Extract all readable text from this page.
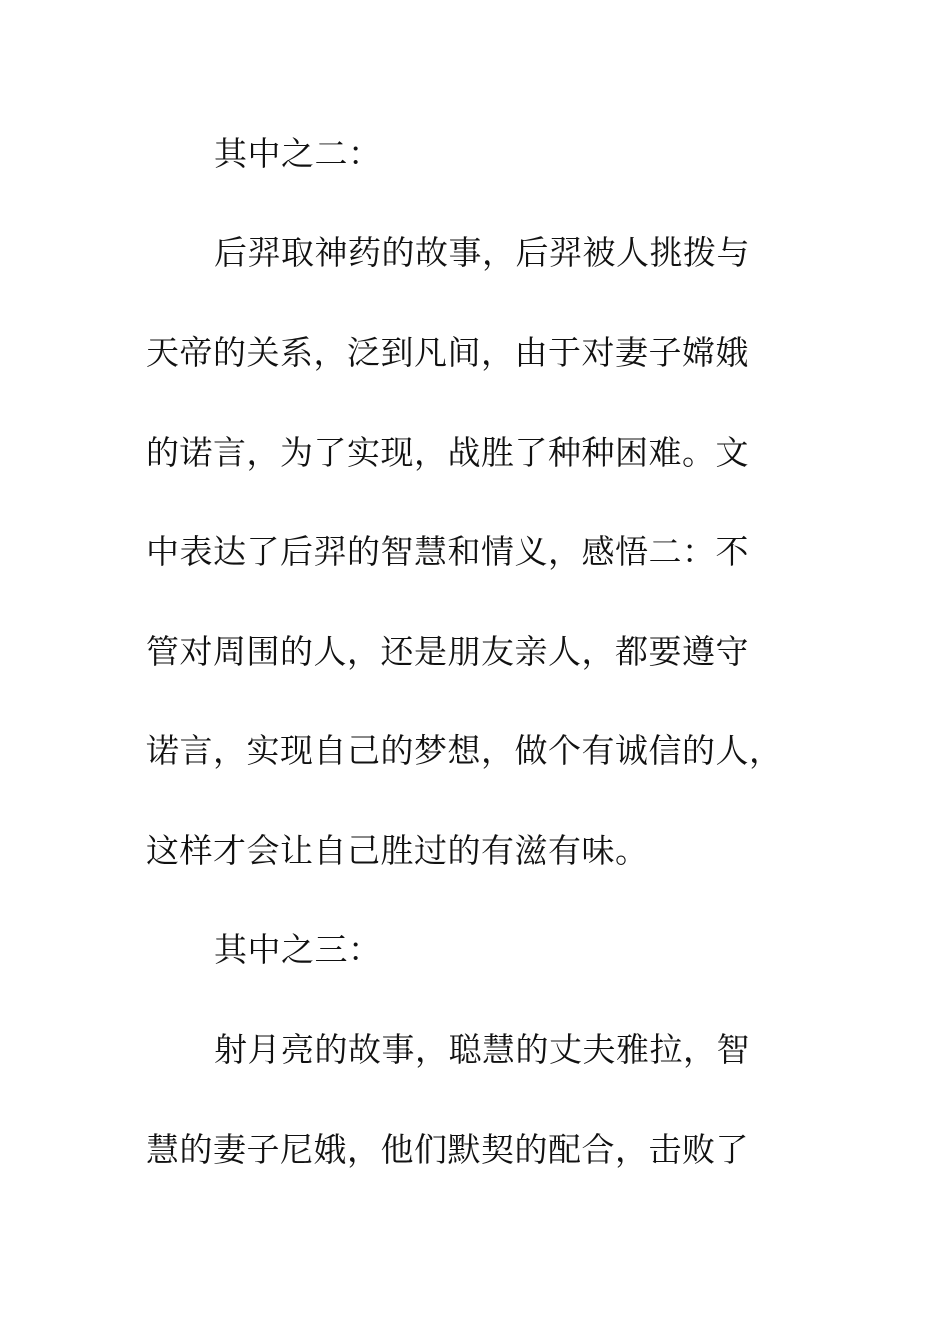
其中之二：

后羿取神药的故事，后羿被人挑拨与

天帝的关系，泛到凡间，由于对妻子嫦娥

的诺言，为了实现，战胜了种种困难。文

中表达了后羿的智慧和情义，感悟二：不

管对周围的人，还是朋友亲人，都要遵守

诺言，实现自己的梦想，做个有诚信的人，

这样才会让自己胜过的有滋有味。

其中之三：

射月亮的故事，聪慧的丈夫雅拉，智

慧的妻子尼娥，他们默契的配合，击败了
